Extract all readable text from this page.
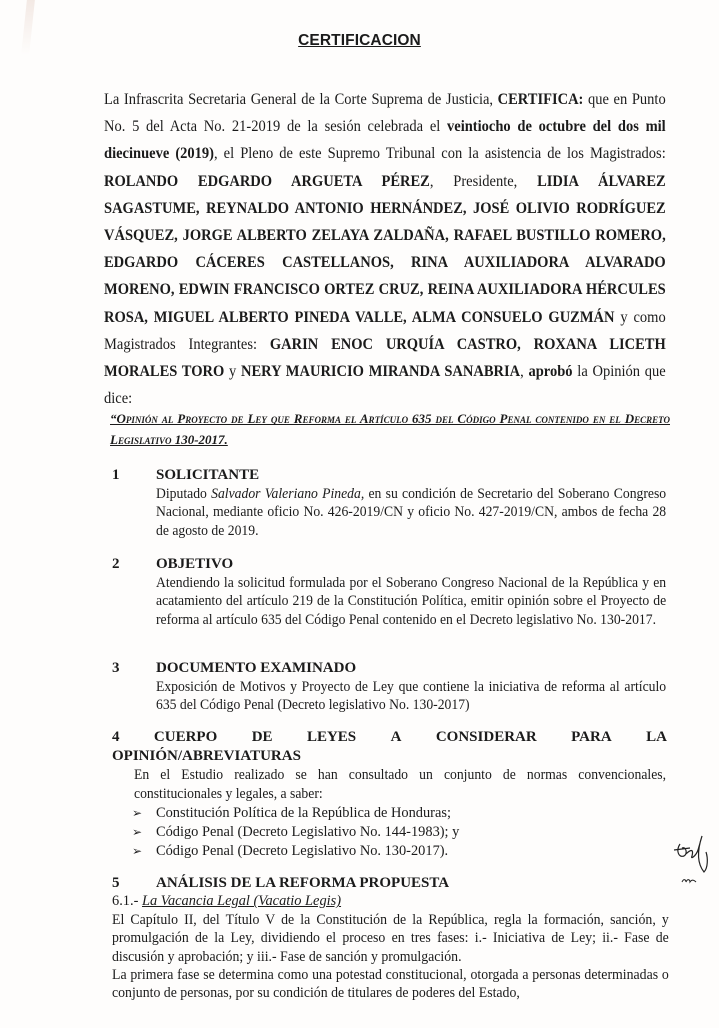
CERTIFICACION
La Infrascrita Secretaria General de la Corte Suprema de Justicia, CERTIFICA: que en Punto No. 5 del Acta No. 21-2019 de la sesión celebrada el veintiocho de octubre del dos mil diecinueve (2019), el Pleno de este Supremo Tribunal con la asistencia de los Magistrados: ROLANDO EDGARDO ARGUETA PÉREZ, Presidente, LIDIA ÁLVAREZ SAGASTUME, REYNALDO ANTONIO HERNÁNDEZ, JOSÉ OLIVIO RODRÍGUEZ VÁSQUEZ, JORGE ALBERTO ZELAYA ZALDAÑA, RAFAEL BUSTILLO ROMERO, EDGARDO CÁCERES CASTELLANOS, RINA AUXILIADORA ALVARADO MORENO, EDWIN FRANCISCO ORTEZ CRUZ, REINA AUXILIADORA HÉRCULES ROSA, MIGUEL ALBERTO PINEDA VALLE, ALMA CONSUELO GUZMÁN y como Magistrados Integrantes: GARIN ENOC URQUÍA CASTRO, ROXANA LICETH MORALES TORO y NERY MAURICIO MIRANDA SANABRIA, aprobó la Opinión que dice:
“Opinión al Proyecto de Ley que Reforma el Artículo 635 del Código Penal contenido en el Decreto Legislativo 130-2017.
1 SOLICITANTE
Diputado Salvador Valeriano Pineda, en su condición de Secretario del Soberano Congreso Nacional, mediante oficio No. 426-2019/CN y oficio No. 427-2019/CN, ambos de fecha 28 de agosto de 2019.
2 OBJETIVO
Atendiendo la solicitud formulada por el Soberano Congreso Nacional de la República y en acatamiento del artículo 219 de la Constitución Política, emitir opinión sobre el Proyecto de reforma al artículo 635 del Código Penal contenido en el Decreto legislativo No. 130-2017.
3 DOCUMENTO EXAMINADO
Exposición de Motivos y Proyecto de Ley que contiene la iniciativa de reforma al artículo 635 del Código Penal (Decreto legislativo No. 130-2017)
4 CUERPO DE LEYES A CONSIDERAR PARA LA
OPINIÓN/ABREVIATURAS
En el Estudio realizado se han consultado un conjunto de normas convencionales, constitucionales y legales, a saber:
➢ Constitución Política de la República de Honduras;
➢ Código Penal (Decreto Legislativo No. 144-1983); y
➢ Código Penal (Decreto Legislativo No. 130-2017).
5 ANÁLISIS DE LA REFORMA PROPUESTA
6.1.- La Vacancia Legal (Vacatio Legis)

El Capítulo II, del Título V de la Constitución de la República, regla la formación, sanción, y promulgación de la Ley, dividiendo el proceso en tres fases: i.- Iniciativa de Ley; ii.- Fase de discusión y aprobación; y iii.- Fase de sanción y promulgación.

La primera fase se determina como una potestad constitucional, otorgada a personas determinadas o conjunto de personas, por su condición de titulares de poderes del Estado,
